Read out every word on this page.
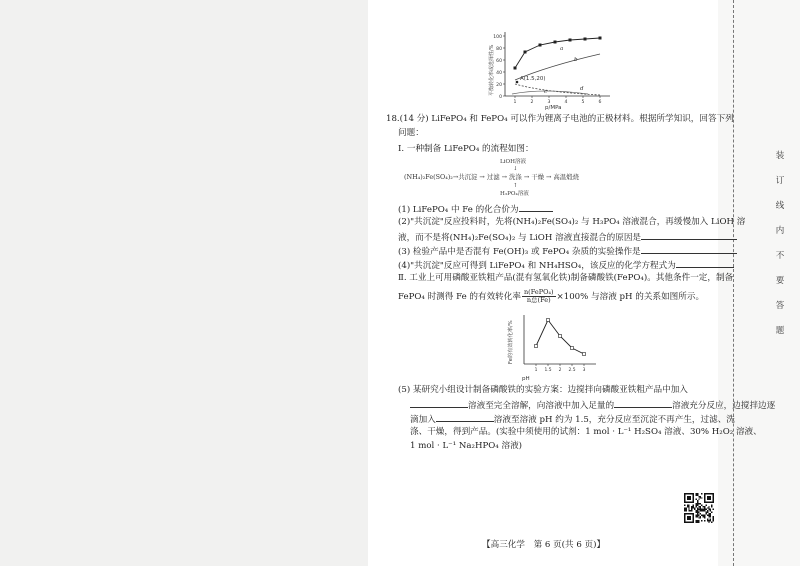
0
20
40
60
80
100
1	2	3	4	5	6
A(1.5,20)
a
b
c	d
p/MPa
平衡转化率或选择性/%
18.(14 分) LiFePO₄ 和 FePO₄ 可以作为锂离子电池的正极材料。根据所学知识，回答下列
问题：
Ⅰ. 一种制备 LiFePO₄ 的流程如图：
LiOH溶液
↓
(NH₄)₂Fe(SO₄)₂→共沉淀 → 过滤 → 洗涤 → 干燥 → 高温煅烧
↑
H₃PO₄溶液
(1) LiFePO₄ 中 Fe 的化合价为
(2)"共沉淀"反应投料时，先将(NH₄)₂Fe(SO₄)₂ 与 H₃PO₄ 溶液混合，再缓慢加入 LiOH 溶
液，而不是将(NH₄)₂Fe(SO₄)₂ 与 LiOH 溶液直接混合的原因是
(3) 检验产品中是否混有 Fe(OH)₃ 或 FePO₄ 杂质的实验操作是
(4)"共沉淀"反应可得到 LiFePO₄ 和 NH₄HSO₄，该反应的化学方程式为
Ⅱ. 工业上可用磷酸亚铁粗产品(混有氢氧化铁)制备磷酸铁(FePO₄)。其他条件一定，制备
FePO₄ 时测得 Fe 的有效转化率 $\frac{\text{n(FePO₄)}}{\text{n总(Fe)}} \times 100\%$ 与溶液 pH 的关系如图所示。
1 1.5 2 2.5 3
Fe的有效转化率/%
pH
(5) 某研究小组设计制备磷酸铁的实验方案：边搅拌向磷酸亚铁粗产品中加入
溶液至完全溶解，向溶液中加入足量的	溶液充分反应，边搅拌边逐
滴加入	溶液至溶液 pH 约为 1.5，充分反应至沉淀不再产生，过滤、洗
涤、干燥，得到产品。(实验中须使用的试剂：1 mol · L⁻¹ H₂SO₄ 溶液、30% H₂O₂ 溶液、
1 mol · L⁻¹ Na₂HPO₄ 溶液)
装
订
线
内
不
要
答
题
【高三化学　第 6 页(共 6 页)】
